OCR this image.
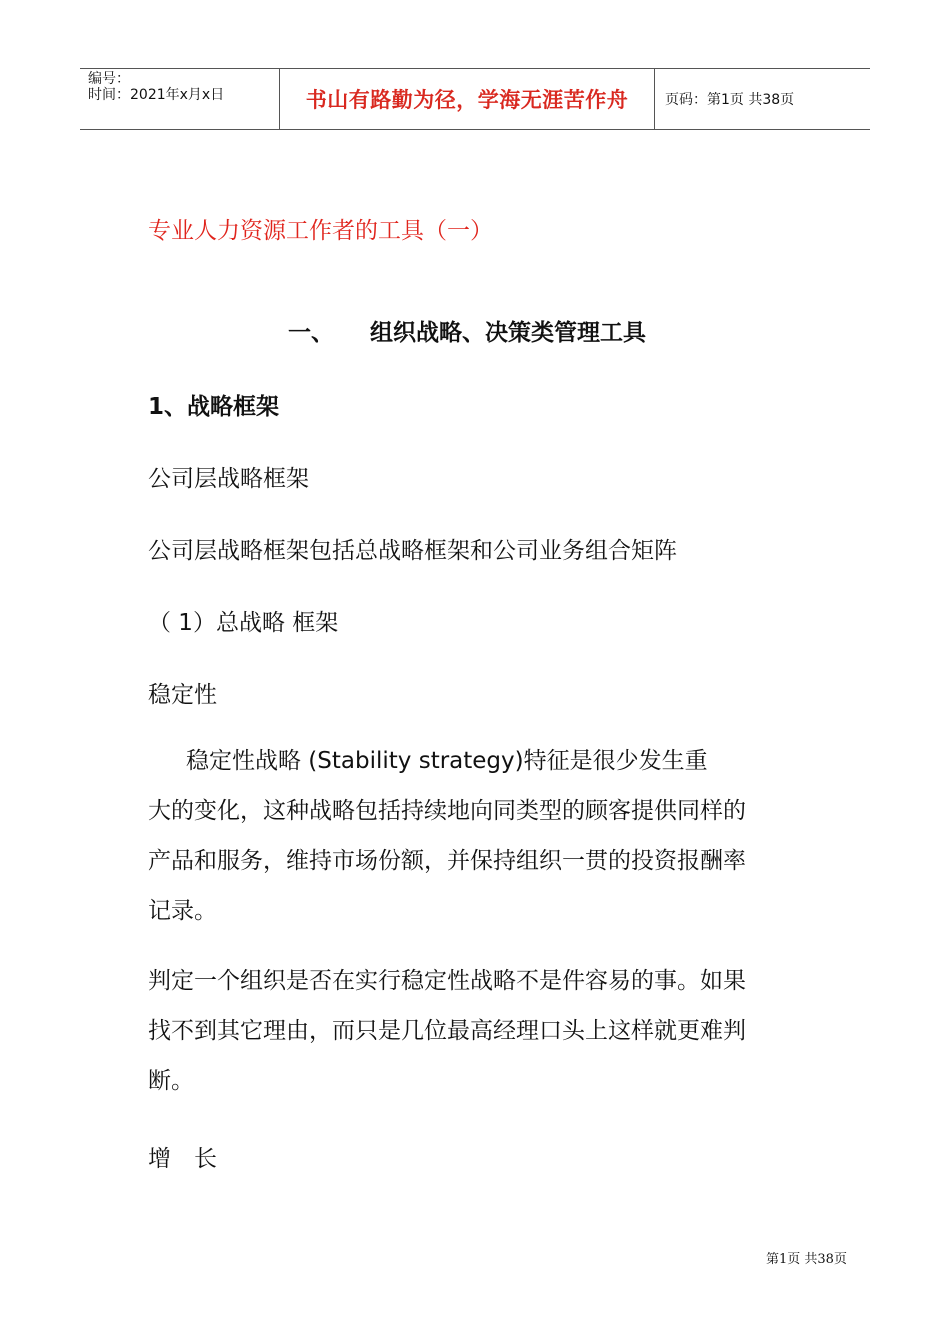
编号：
时间：2021年x月x日	书山有路勤为径，学海无涯苦作舟	页码：第1页 共38页
专业人力资源工作者的工具（一）
一、 组织战略、决策类管理工具
1、战略框架
公司层战略框架
公司层战略框架包括总战略框架和公司业务组合矩阵
（ 1）总战略 框架
稳定性
稳定性战略 (Stability strategy)特征是很少发生重
大的变化，这种战略包括持续地向同类型的顾客提供同样的
产品和服务，维持市场份额，并保持组织一贯的投资报酬率
记录。
判定一个组织是否在实行稳定性战略不是件容易的事。如果
找不到其它理由，而只是几位最高经理口头上这样就更难判
断。
增　长
第1页 共38页
